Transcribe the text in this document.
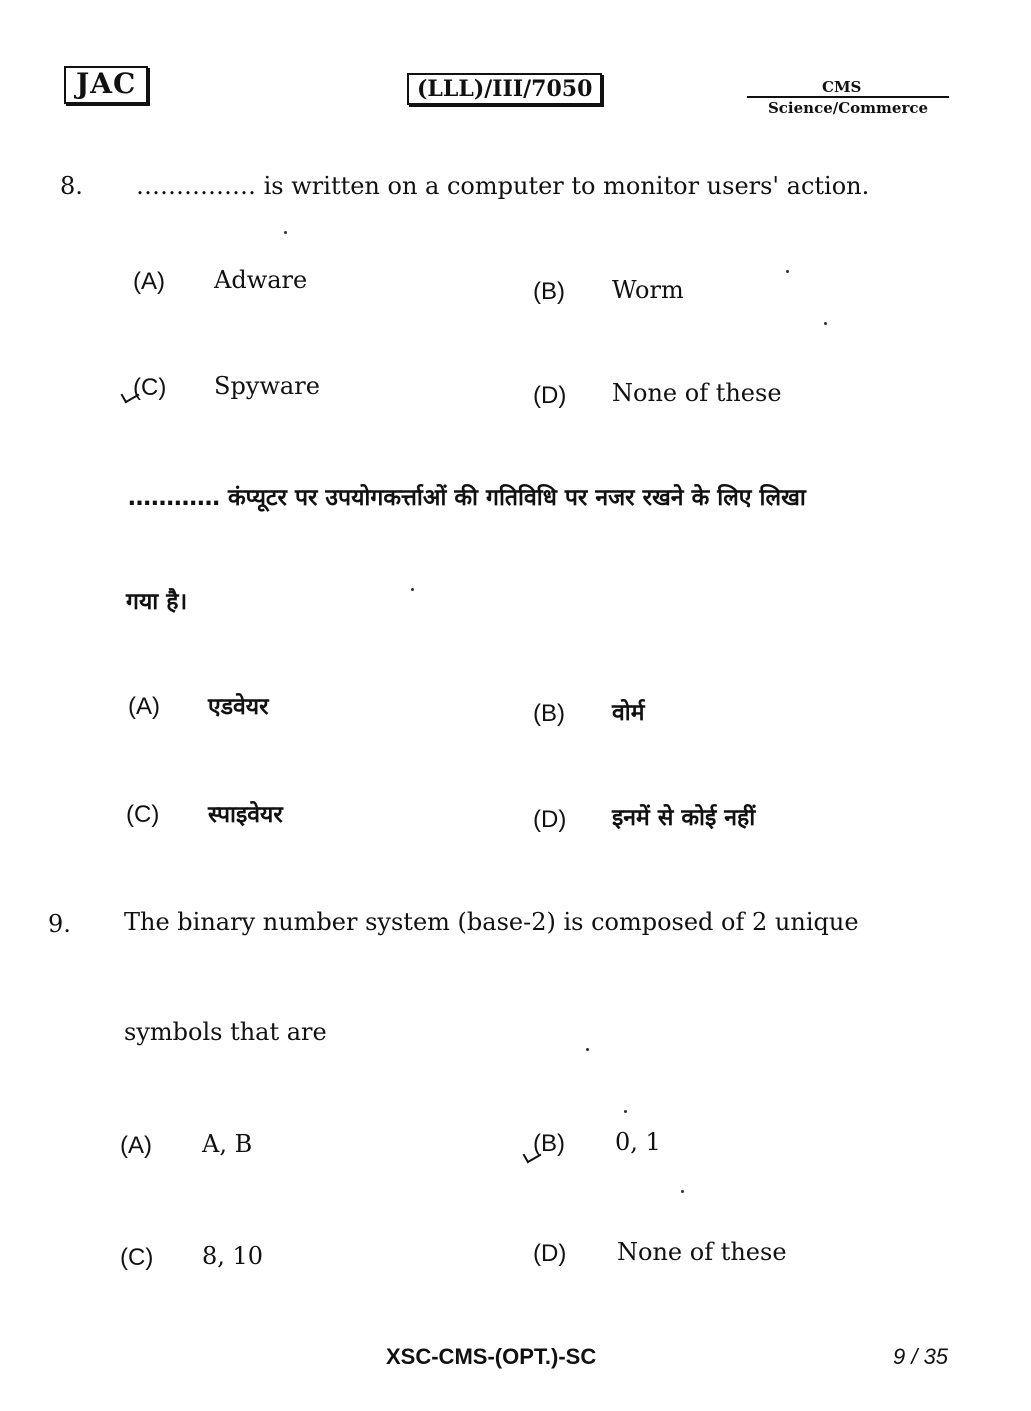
JAC	(LLL)/III/7050	CMS
Science/Commerce
8. …………… is written on a computer to monitor users' action.
(A) Adware	(B) Worm
(C) Spyware	(D) None of these
………… कंप्यूटर पर उपयोगकर्त्ताओं की गतिविधि पर नजर रखने के लिए लिखा
गया है।
(A) एडवेयर	(B) वोर्म
(C) स्पाइवेयर	(D) इनमें से कोई नहीं
9. The binary number system (base-2) is composed of 2 unique
symbols that are
(A) A, B	(B) 0, 1
(C) 8, 10	(D) None of these
XSC-CMS-(OPT.)-SC	9 / 35
